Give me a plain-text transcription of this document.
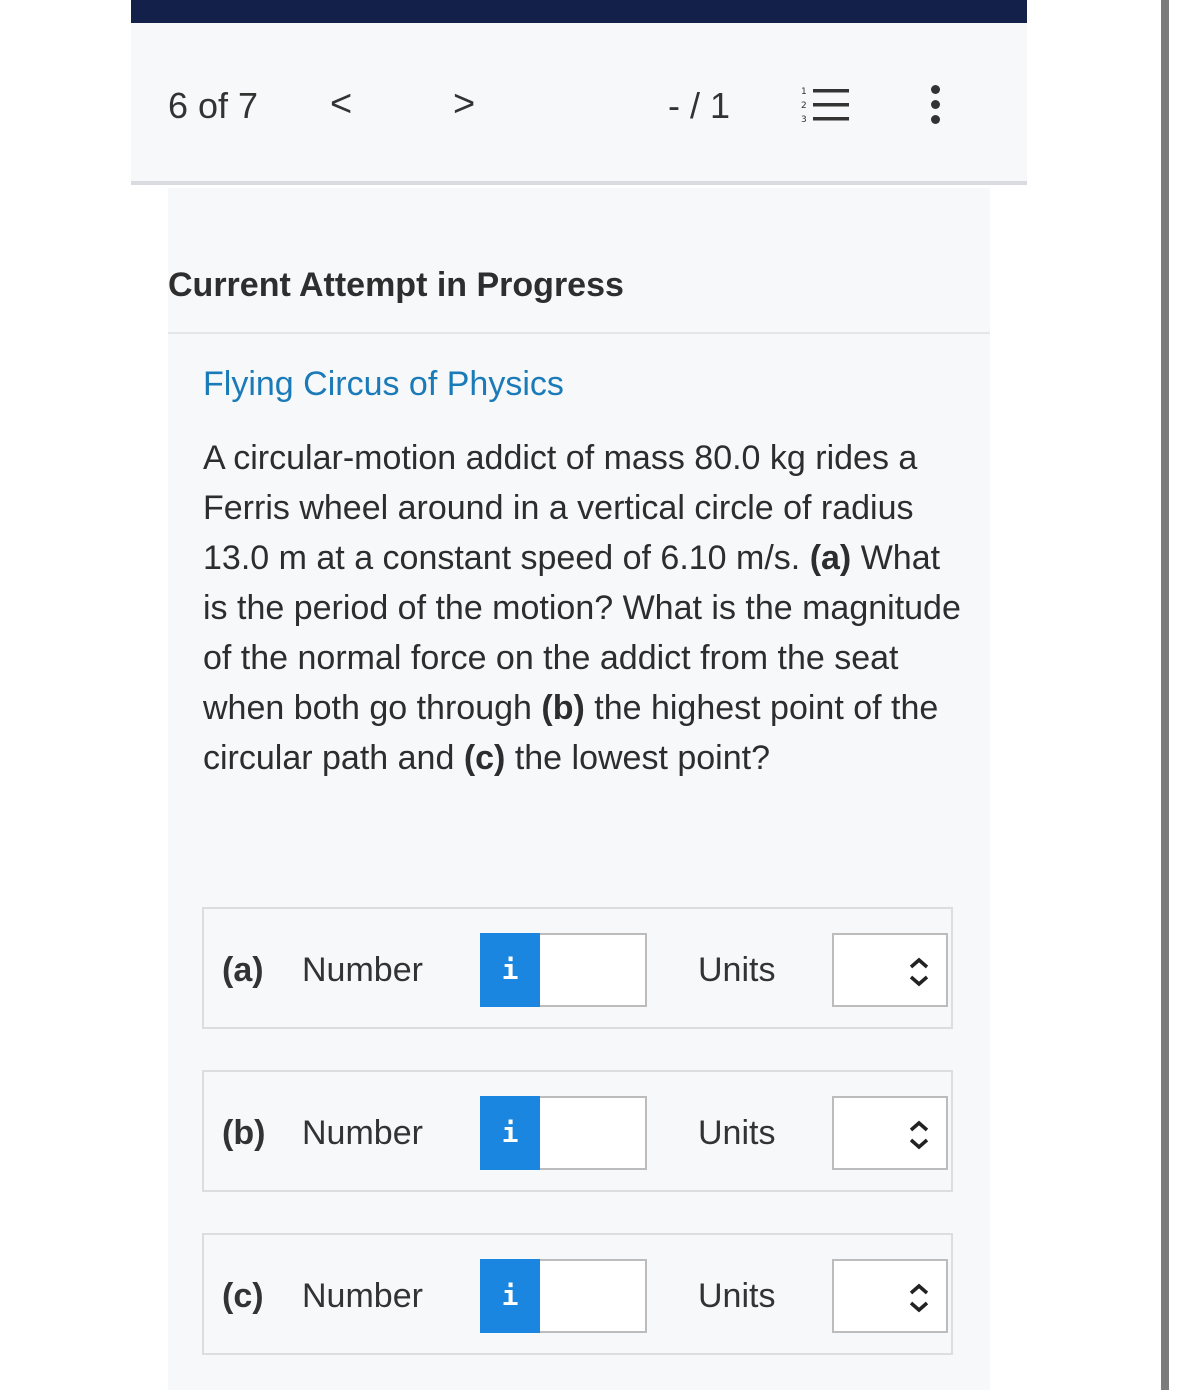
6 of 7 <	>	- / 1	1
2
3
Current Attempt in Progress
Flying Circus of Physics
A circular-motion addict of mass 80.0 kg rides a Ferris wheel around in a vertical circle of radius 13.0 m at a constant speed of 6.10 m/s. (a) What is the period of the motion? What is the magnitude of the normal force on the addict from the seat when both go through (b) the highest point of the circular path and (c) the lowest point?
(a) Number	i	Units
(b) Number	i	Units
(c) Number	i	Units
